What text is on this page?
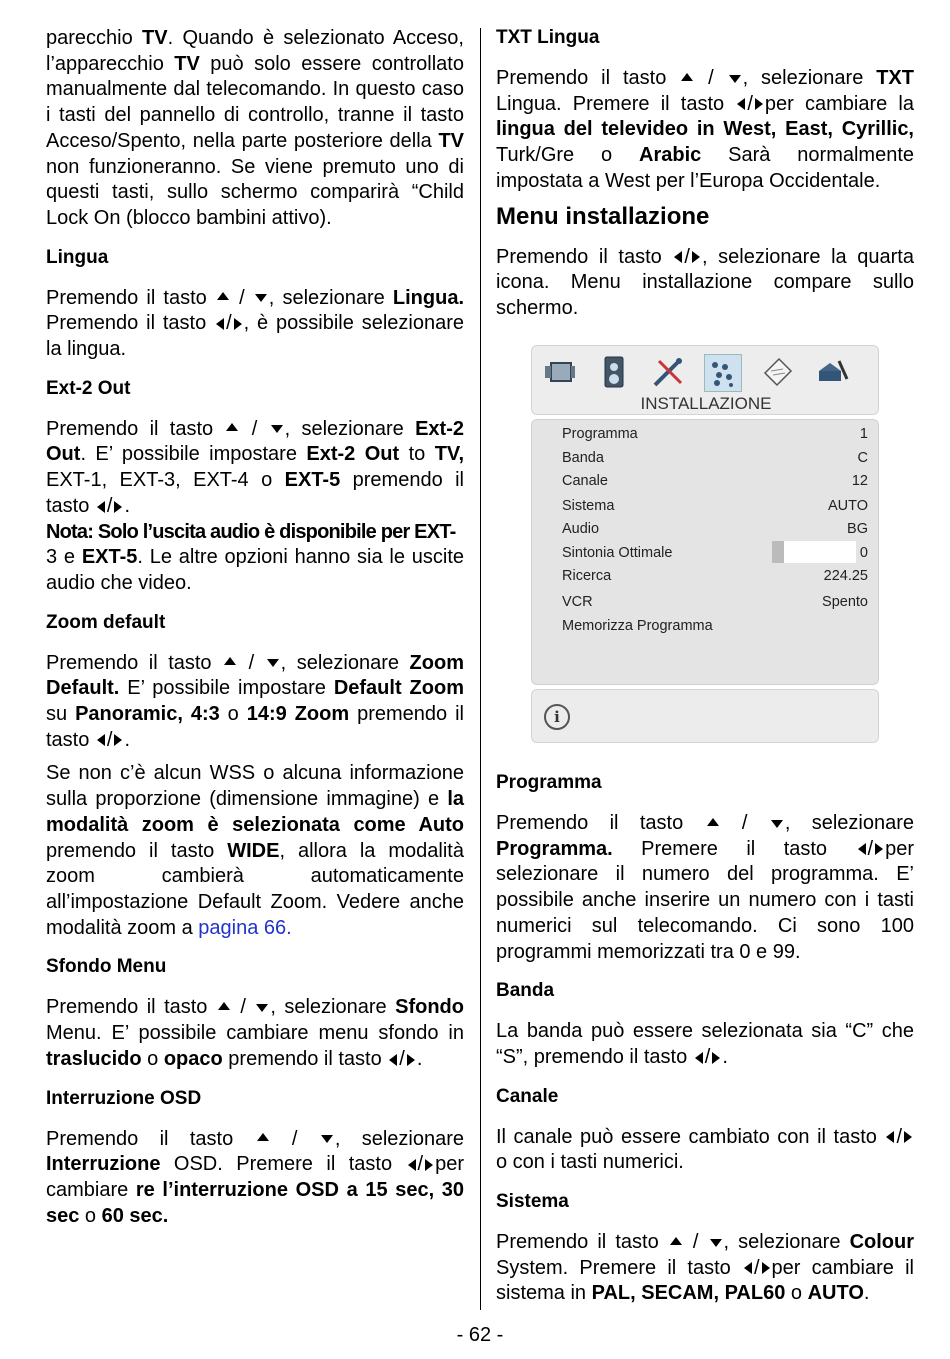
parecchio TV. Quando è selezionato Acceso, l’apparecchio TV può solo essere controllato manualmente dal telecomando. In questo caso i tasti del pannello di controllo, tranne il tasto Acceso/Spento, nella parte posteriore della TV non funzioneranno. Se viene premuto uno di questi tasti, sullo schermo comparirà “Child Lock On (blocco bambini attivo).

Lingua

Premendo il tasto  / , selezionare Lingua. Premendo il tasto / , è possibile selezionare la lingua.

Ext-2 Out

Premendo il tasto  / , selezionare Ext-2 Out. E’ possibile impostare Ext-2 Out to TV, EXT-1, EXT-3, EXT-4 o EXT-5 premendo il tasto / .

Nota: Solo l’uscita audio è disponibile per EXT-
3 e EXT-5. Le altre opzioni hanno sia le uscite audio che video.

Zoom default

Premendo il tasto  / , selezionare Zoom Default. E’ possibile impostare Default Zoom su Panoramic, 4:3 o 14:9 Zoom premendo il tasto / .

Se non c’è alcun WSS o alcuna informazione sulla proporzione (dimensione immagine) e la modalità zoom è selezionata come Auto premendo il tasto WIDE, allora la modalità zoom cambierà automaticamente all’impostazione Default Zoom. Vedere anche modalità zoom a pagina 66.

Sfondo Menu

Premendo il tasto  / , selezionare Sfondo Menu. E’ possibile cambiare menu sfondo in traslucido o opaco premendo il tasto / .

Interruzione OSD

Premendo il tasto  / , selezionare Interruzione OSD. Premere il tasto / per cambiare re l’interruzione OSD a 15 sec, 30 sec o 60 sec.

TXT Lingua

Premendo il tasto  / , selezionare TXT Lingua. Premere il tasto / per cambiare la lingua del televideo in West, East, Cyrillic, Turk/Gre o Arabic Sarà normalmente impostata a West per l’Europa Occidentale.

Menu installazione

Premendo il tasto / , selezionare la quarta icona. Menu installazione compare sullo schermo.

INSTALLAZIONE
Programma	1
Banda	C
Canale	12
Sistema	AUTO
Audio	BG
Sintonia Ottimale	0
Ricerca	224.25
VCR	Spento
Memorizza Programma
i
Programma

Premendo il tasto  / , selezionare Programma. Premere il tasto / per selezionare il numero del programma. E’ possibile anche inserire un numero con i tasti numerici sul telecomando. Ci sono 100 programmi memorizzati tra 0 e 99.

Banda

La banda può essere selezionata sia “C” che “S”, premendo il tasto / .

Canale

Il canale può essere cambiato con il tasto / o con i tasti numerici.

Sistema

Premendo il tasto  / , selezionare Colour System. Premere il tasto / per cambiare il sistema in PAL, SECAM, PAL60 o AUTO.

- 62 -
